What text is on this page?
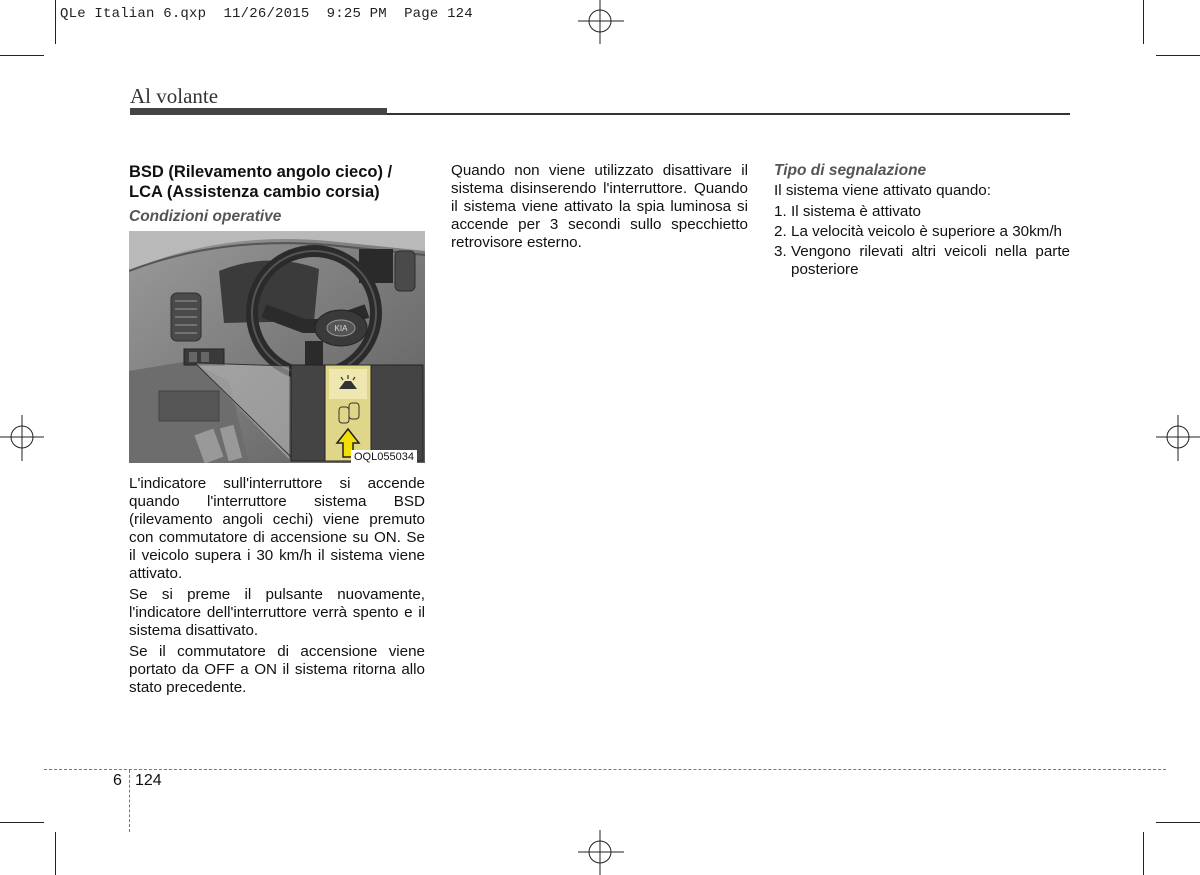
QLe Italian 6.qxp 11/26/2015 9:25 PM Page 124
Al volante
BSD (Rilevamento angolo cieco) /
LCA (Assistenza cambio corsia)
Condizioni operative
KIA
OQL055034

L'indicatore sull'interruttore si accende quando l'interruttore sistema BSD (rilevamento angoli cechi) viene premuto con commutatore di accensione su ON. Se il veicolo supera i 30 km/h il sistema viene attivato.

Se si preme il pulsante nuovamente, l'indicatore dell'interruttore verrà spento e il sistema disattivato.

Se il commutatore di accensione viene portato da OFF a ON il sistema ritorna allo stato precedente.

Quando non viene utilizzato disattivare il sistema disinserendo l'interruttore. Quando il sistema viene attivato la spia luminosa si accende per 3 secondi sullo specchietto retrovisore esterno.

Tipo di segnalazione

Il sistema viene attivato quando:

1. Il sistema è attivato
2. La velocità veicolo è superiore a 30km/h
3. Vengono rilevati altri veicoli nella parte posteriore
6 124
